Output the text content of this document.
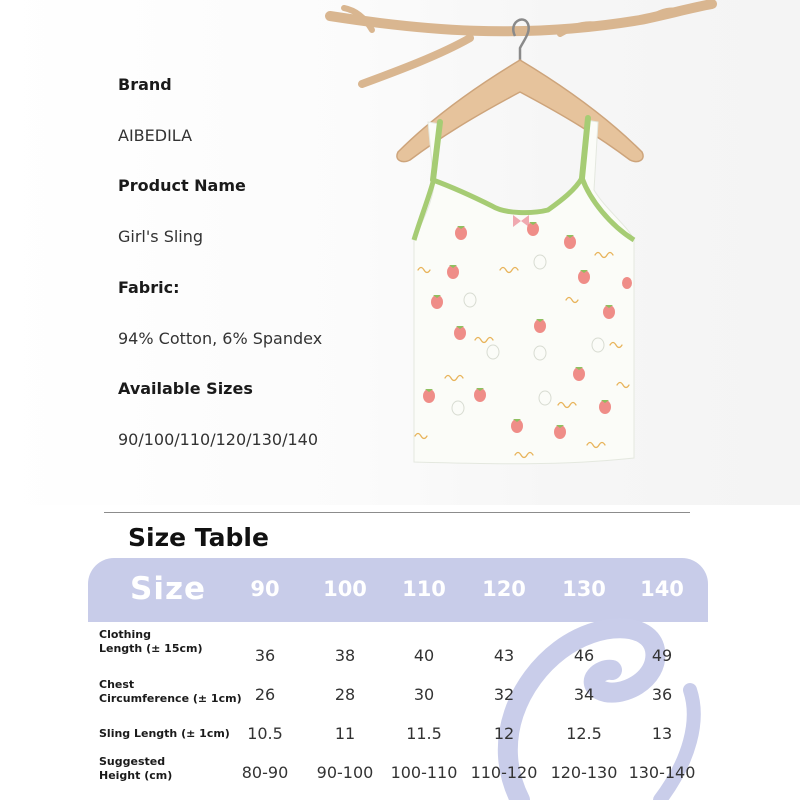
Brand
AIBEDILA
Product Name
Girl's Sling
Fabric:
94% Cotton, 6% Spandex
Available Sizes
90/100/110/120/130/140
Size Table
Size	90	100	110	120	130	140
Clothing
Length (± 15cm)	36	38	40	43	46	49
Chest
Circumference (± 1cm) 26	28	30	32	34	36
Sling Length (± 1cm)	10.5	11	11.5	12	12.5	13
Suggested
Height (cm)	80-90	90-100	100-110 110-120 120-130 130-140
